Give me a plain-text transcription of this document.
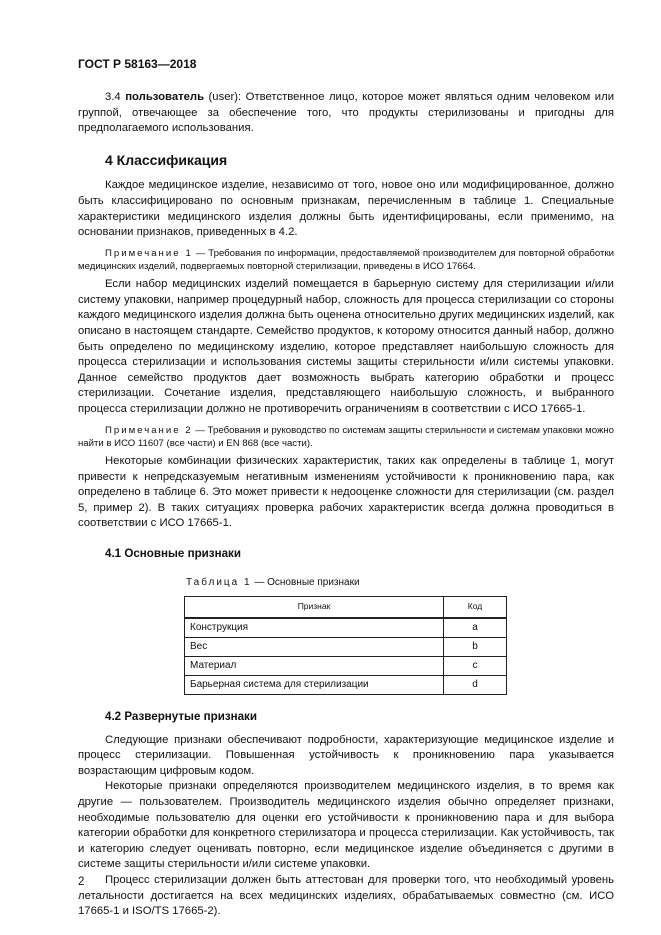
ГОСТ Р 58163—2018

3.4 пользователь (user): Ответственное лицо, которое может являться одним человеком или группой, отвечающее за обеспечение того, что продукты стерилизованы и пригодны для предполагаемого использования.

4 Классификация

Каждое медицинское изделие, независимо от того, новое оно или модифицированное, должно быть классифицировано по основным признакам, перечисленным в таблице 1. Специальные характеристики медицинского изделия должны быть идентифицированы, если применимо, на основании признаков, приведенных в 4.2.

Примечание 1 — Требования по информации, предоставляемой производителем для повторной обработки медицинских изделий, подвергаемых повторной стерилизации, приведены в ИСО 17664.

Если набор медицинских изделий помещается в барьерную систему для стерилизации и/или систему упаковки, например процедурный набор, сложность для процесса стерилизации со стороны каждого медицинского изделия должна быть оценена относительно других медицинских изделий, как описано в настоящем стандарте. Семейство продуктов, к которому относится данный набор, должно быть определено по медицинскому изделию, которое представляет наибольшую сложность для процесса стерилизации и использования системы защиты стерильности и/или системы упаковки. Данное семейство продуктов дает возможность выбрать категорию обработки и процесс стерилизации. Сочетание изделия, представляющего наибольшую сложность, и выбранного процесса стерилизации должно не противоречить ограничениям в соответствии с ИСО 17665-1.

Примечание 2 — Требования и руководство по системам защиты стерильности и системам упаковки можно найти в ИСО 11607 (все части) и EN 868 (все части).

Некоторые комбинации физических характеристик, таких как определены в таблице 1, могут привести к непредсказуемым негативным изменениям устойчивости к проникновению пара, как определено в таблице 6. Это может привести к недооценке сложности для стерилизации (см. раздел 5, пример 2). В таких ситуациях проверка рабочих характеристик всегда должна проводиться в соответствии с ИСО 17665-1.

4.1 Основные признаки
Таблица 1 — Основные признаки
Признак	Код
Конструкция	a
Вес	b
Материал	c
Барьерная система для стерилизации	d
4.2 Развернутые признаки

Следующие признаки обеспечивают подробности, характеризующие медицинское изделие и процесс стерилизации. Повышенная устойчивость к проникновению пара указывается возрастающим цифровым кодом.

Некоторые признаки определяются производителем медицинского изделия, в то время как другие — пользователем. Производитель медицинского изделия обычно определяет признаки, необходимые пользователю для оценки его устойчивости к проникновению пара и для выбора категории обработки для конкретного стерилизатора и процесса стерилизации. Как устойчивость, так и категорию следует оценивать повторно, если медицинское изделие объединяется с другими в системе защиты стерильности и/или системе упаковки.

Процесс стерилизации должен быть аттестован для проверки того, что необходимый уровень летальности достигается на всех медицинских изделиях, обрабатываемых совместно (см. ИСО 17665-1 и ISO/TS 17665-2).

2
